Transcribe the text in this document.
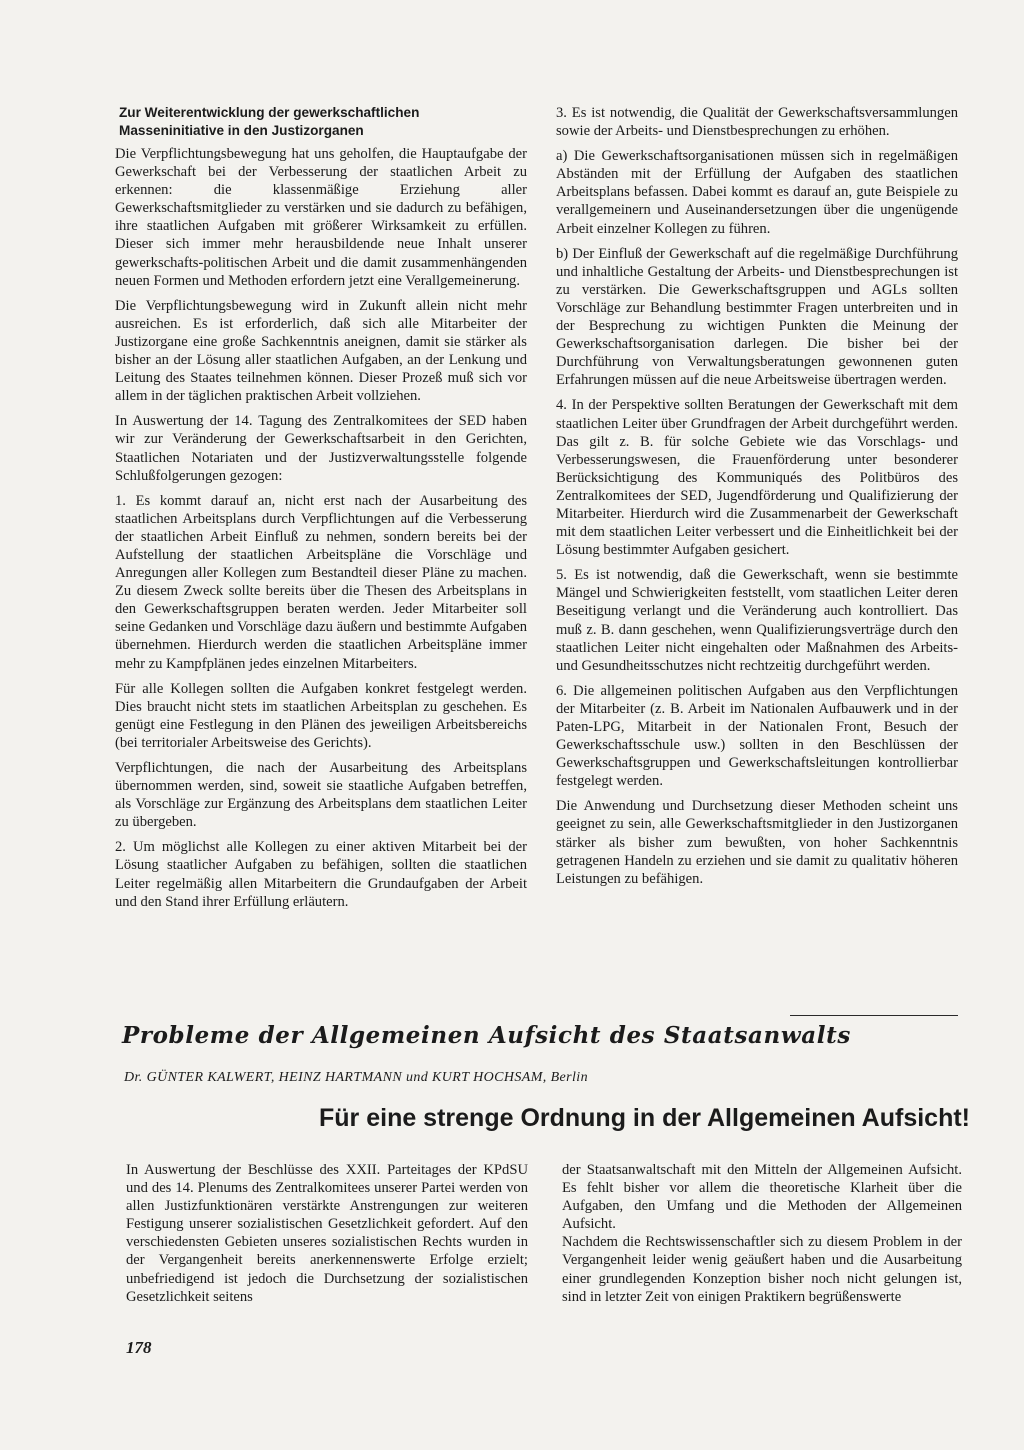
Zur Weiterentwicklung der gewerkschaftlichen Masseninitiative in den Justizorganen

Die Verpflichtungsbewegung hat uns geholfen, die Hauptaufgabe der Gewerkschaft bei der Verbesserung der staatlichen Arbeit zu erkennen: die klassenmäßige Erziehung aller Gewerkschaftsmitglieder zu verstärken und sie dadurch zu befähigen, ihre staatlichen Aufgaben mit größerer Wirksamkeit zu erfüllen. Dieser sich immer mehr herausbildende neue Inhalt unserer gewerkschafts-politischen Arbeit und die damit zusammenhängenden neuen Formen und Methoden erfordern jetzt eine Verallgemeinerung.

Die Verpflichtungsbewegung wird in Zukunft allein nicht mehr ausreichen. Es ist erforderlich, daß sich alle Mitarbeiter der Justizorgane eine große Sachkenntnis aneignen, damit sie stärker als bisher an der Lösung aller staatlichen Aufgaben, an der Lenkung und Leitung des Staates teilnehmen können. Dieser Prozeß muß sich vor allem in der täglichen praktischen Arbeit vollziehen.

In Auswertung der 14. Tagung des Zentralkomitees der SED haben wir zur Veränderung der Gewerkschaftsarbeit in den Gerichten, Staatlichen Notariaten und der Justizverwaltungsstelle folgende Schlußfolgerungen gezogen:

1. Es kommt darauf an, nicht erst nach der Ausarbeitung des staatlichen Arbeitsplans durch Verpflichtungen auf die Verbesserung der staatlichen Arbeit Einfluß zu nehmen, sondern bereits bei der Aufstellung der staatlichen Arbeitspläne die Vorschläge und Anregungen aller Kollegen zum Bestandteil dieser Pläne zu machen. Zu diesem Zweck sollte bereits über die Thesen des Arbeitsplans in den Gewerkschaftsgruppen beraten werden. Jeder Mitarbeiter soll seine Gedanken und Vorschläge dazu äußern und bestimmte Aufgaben übernehmen. Hierdurch werden die staatlichen Arbeitspläne immer mehr zu Kampfplänen jedes einzelnen Mitarbeiters.

Für alle Kollegen sollten die Aufgaben konkret festgelegt werden. Dies braucht nicht stets im staatlichen Arbeitsplan zu geschehen. Es genügt eine Festlegung in den Plänen des jeweiligen Arbeitsbereichs (bei territorialer Arbeitsweise des Gerichts).

Verpflichtungen, die nach der Ausarbeitung des Arbeitsplans übernommen werden, sind, soweit sie staatliche Aufgaben betreffen, als Vorschläge zur Ergänzung des Arbeitsplans dem staatlichen Leiter zu übergeben.

2. Um möglichst alle Kollegen zu einer aktiven Mitarbeit bei der Lösung staatlicher Aufgaben zu befähigen, sollten die staatlichen Leiter regelmäßig allen Mitarbeitern die Grundaufgaben der Arbeit und den Stand ihrer Erfüllung erläutern.

3. Es ist notwendig, die Qualität der Gewerkschaftsversammlungen sowie der Arbeits- und Dienstbesprechungen zu erhöhen.

a) Die Gewerkschaftsorganisationen müssen sich in regelmäßigen Abständen mit der Erfüllung der Aufgaben des staatlichen Arbeitsplans befassen. Dabei kommt es darauf an, gute Beispiele zu verallgemeinern und Auseinandersetzungen über die ungenügende Arbeit einzelner Kollegen zu führen.

b) Der Einfluß der Gewerkschaft auf die regelmäßige Durchführung und inhaltliche Gestaltung der Arbeits- und Dienstbesprechungen ist zu verstärken. Die Gewerkschaftsgruppen und AGLs sollten Vorschläge zur Behandlung bestimmter Fragen unterbreiten und in der Besprechung zu wichtigen Punkten die Meinung der Gewerkschaftsorganisation darlegen. Die bisher bei der Durchführung von Verwaltungsberatungen gewonnenen guten Erfahrungen müssen auf die neue Arbeitsweise übertragen werden.

4. In der Perspektive sollten Beratungen der Gewerkschaft mit dem staatlichen Leiter über Grundfragen der Arbeit durchgeführt werden. Das gilt z. B. für solche Gebiete wie das Vorschlags- und Verbesserungswesen, die Frauenförderung unter besonderer Berücksichtigung des Kommuniqués des Politbüros des Zentralkomitees der SED, Jugendförderung und Qualifizierung der Mitarbeiter. Hierdurch wird die Zusammenarbeit der Gewerkschaft mit dem staatlichen Leiter verbessert und die Einheitlichkeit bei der Lösung bestimmter Aufgaben gesichert.

5. Es ist notwendig, daß die Gewerkschaft, wenn sie bestimmte Mängel und Schwierigkeiten feststellt, vom staatlichen Leiter deren Beseitigung verlangt und die Veränderung auch kontrolliert. Das muß z. B. dann geschehen, wenn Qualifizierungsverträge durch den staatlichen Leiter nicht eingehalten oder Maßnahmen des Arbeits- und Gesundheitsschutzes nicht rechtzeitig durchgeführt werden.

6. Die allgemeinen politischen Aufgaben aus den Verpflichtungen der Mitarbeiter (z. B. Arbeit im Nationalen Aufbauwerk und in der Paten-LPG, Mitarbeit in der Nationalen Front, Besuch der Gewerkschaftsschule usw.) sollten in den Beschlüssen der Gewerkschaftsgruppen und Gewerkschaftsleitungen kontrollierbar festgelegt werden.

Die Anwendung und Durchsetzung dieser Methoden scheint uns geeignet zu sein, alle Gewerkschaftsmitglieder in den Justizorganen stärker als bisher zum bewußten, von hoher Sachkenntnis getragenen Handeln zu erziehen und sie damit zu qualitativ höheren Leistungen zu befähigen.

Probleme der Allgemeinen Aufsicht des Staatsanwalts
Dr. GÜNTER KALWERT, HEINZ HARTMANN und KURT HOCHSAM, Berlin
Für eine strenge Ordnung in der Allgemeinen Aufsicht!

In Auswertung der Beschlüsse des XXII. Parteitages der KPdSU und des 14. Plenums des Zentralkomitees unserer Partei werden von allen Justizfunktionären verstärkte Anstrengungen zur weiteren Festigung unserer sozialistischen Gesetzlichkeit gefordert. Auf den verschiedensten Gebieten unseres sozialistischen Rechts wurden in der Vergangenheit bereits anerkennenswerte Erfolge erzielt; unbefriedigend ist jedoch die Durchsetzung der sozialistischen Gesetzlichkeit seitens

der Staatsanwaltschaft mit den Mitteln der Allgemeinen Aufsicht. Es fehlt bisher vor allem die theoretische Klarheit über die Aufgaben, den Umfang und die Methoden der Allgemeinen Aufsicht.

Nachdem die Rechtswissenschaftler sich zu diesem Problem in der Vergangenheit leider wenig geäußert haben und die Ausarbeitung einer grundlegenden Konzeption bisher noch nicht gelungen ist, sind in letzter Zeit von einigen Praktikern begrüßenswerte

178
